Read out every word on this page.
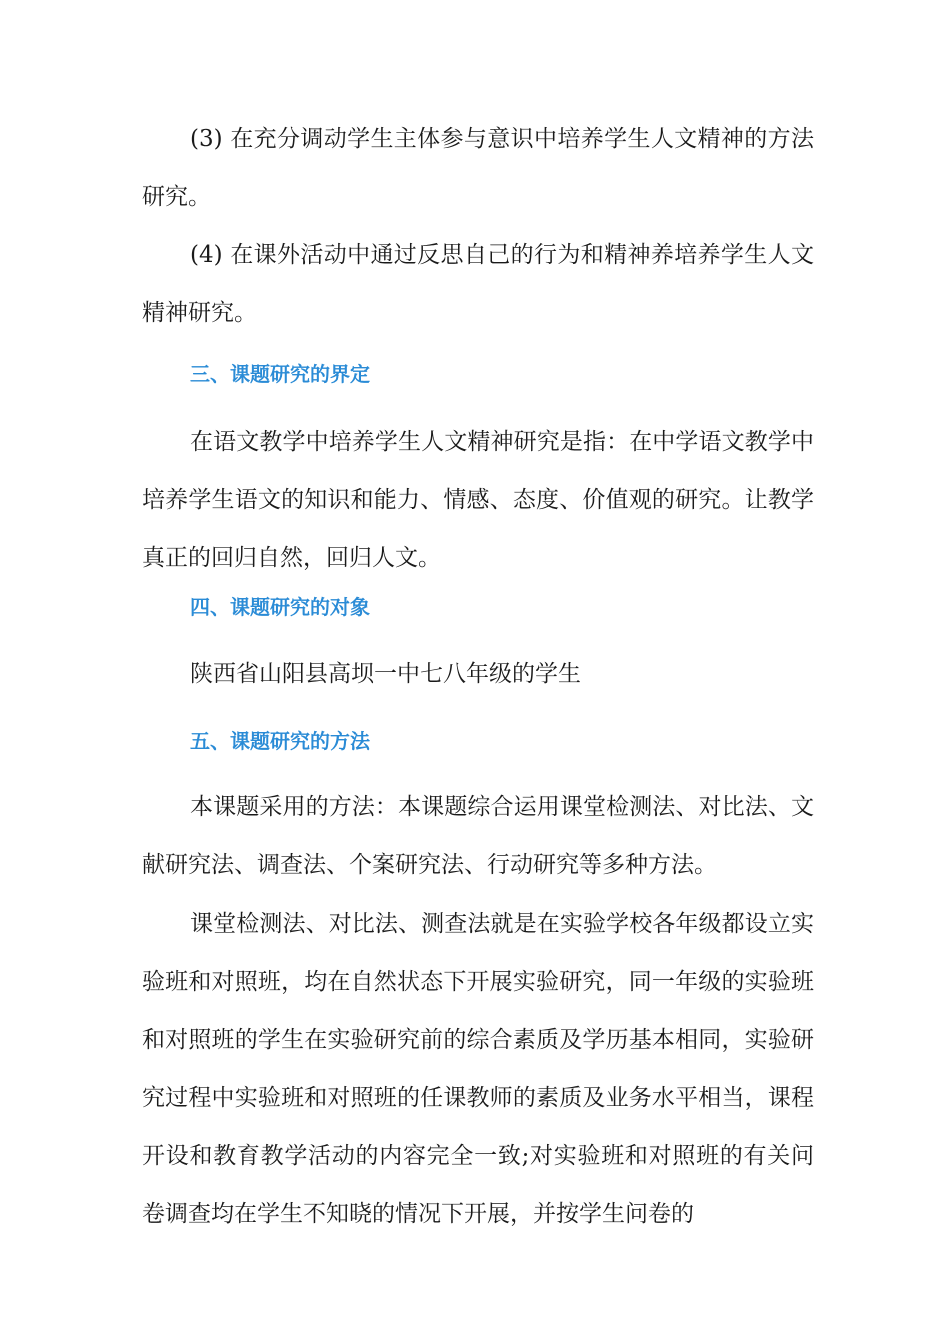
(3) 在充分调动学生主体参与意识中培养学生人文精神的方法研究。

(4) 在课外活动中通过反思自己的行为和精神养培养学生人文精神研究。

三、课题研究的界定

在语文教学中培养学生人文精神研究是指：在中学语文教学中培养学生语文的知识和能力、情感、态度、价值观的研究。让教学真正的回归自然，回归人文。

四、课题研究的对象

陕西省山阳县高坝一中七八年级的学生

五、课题研究的方法

本课题采用的方法：本课题综合运用课堂检测法、对比法、文献研究法、调查法、个案研究法、行动研究等多种方法。

课堂检测法、对比法、测查法就是在实验学校各年级都设立实验班和对照班，均在自然状态下开展实验研究，同一年级的实验班和对照班的学生在实验研究前的综合素质及学历基本相同，实验研究过程中实验班和对照班的任课教师的素质及业务水平相当，课程开设和教育教学活动的内容完全一致;对实验班和对照班的有关问卷调查均在学生不知晓的情况下开展，并按学生问卷的
